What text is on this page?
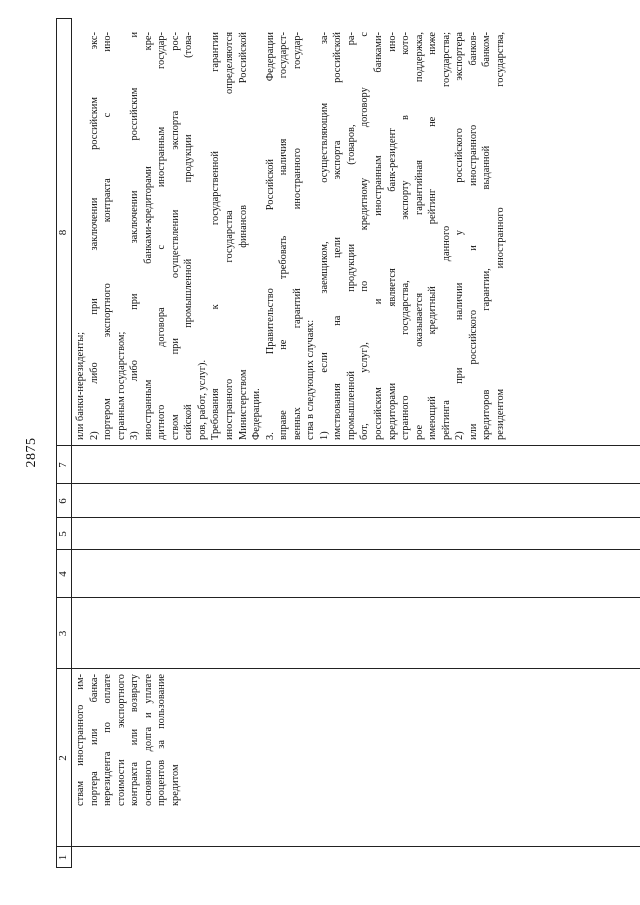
2875
1
2
3
4
5
6
7
8
ствам иностранного им- портера или банка- нерезидента по оплате стоимости экспортного контракта или возврату основного долга и уплате процентов за пользование кредитом
или банки-нерезиденты; 2) либо при заключении российским экс- портером экспортного контракта с ино- странным государством; 3) либо при заключении российским и иностранным банками-кредиторами кре- дитного договора с иностранным государ- ством при осуществлении экспорта рос- сийской промышленной продукции (това- ров, работ, услуг). Требования к государственной гарантии иностранного государства определяются Министерством финансов Российской Федерации. 3. Правительство Российской Федерации вправе не требовать наличия государст- венных гарантий иностранного государ- ства в следующих случаях: 1) если заемщиком, осуществляющим за- имствования на цели экспорта российской промышленной продукции (товаров, ра- бот, услуг), по кредитному договору с российским и иностранным банками- кредиторами является банк-резидент ино- странного государства, экспорту в кото- рое оказывается гарантийная поддержка, имеющий кредитный рейтинг не ниже рейтинга данного государства; 2) при наличии у российского экспортера или российского и иностранного банков- кредиторов гарантии, выданной банком- резидентом иностранного государства,
